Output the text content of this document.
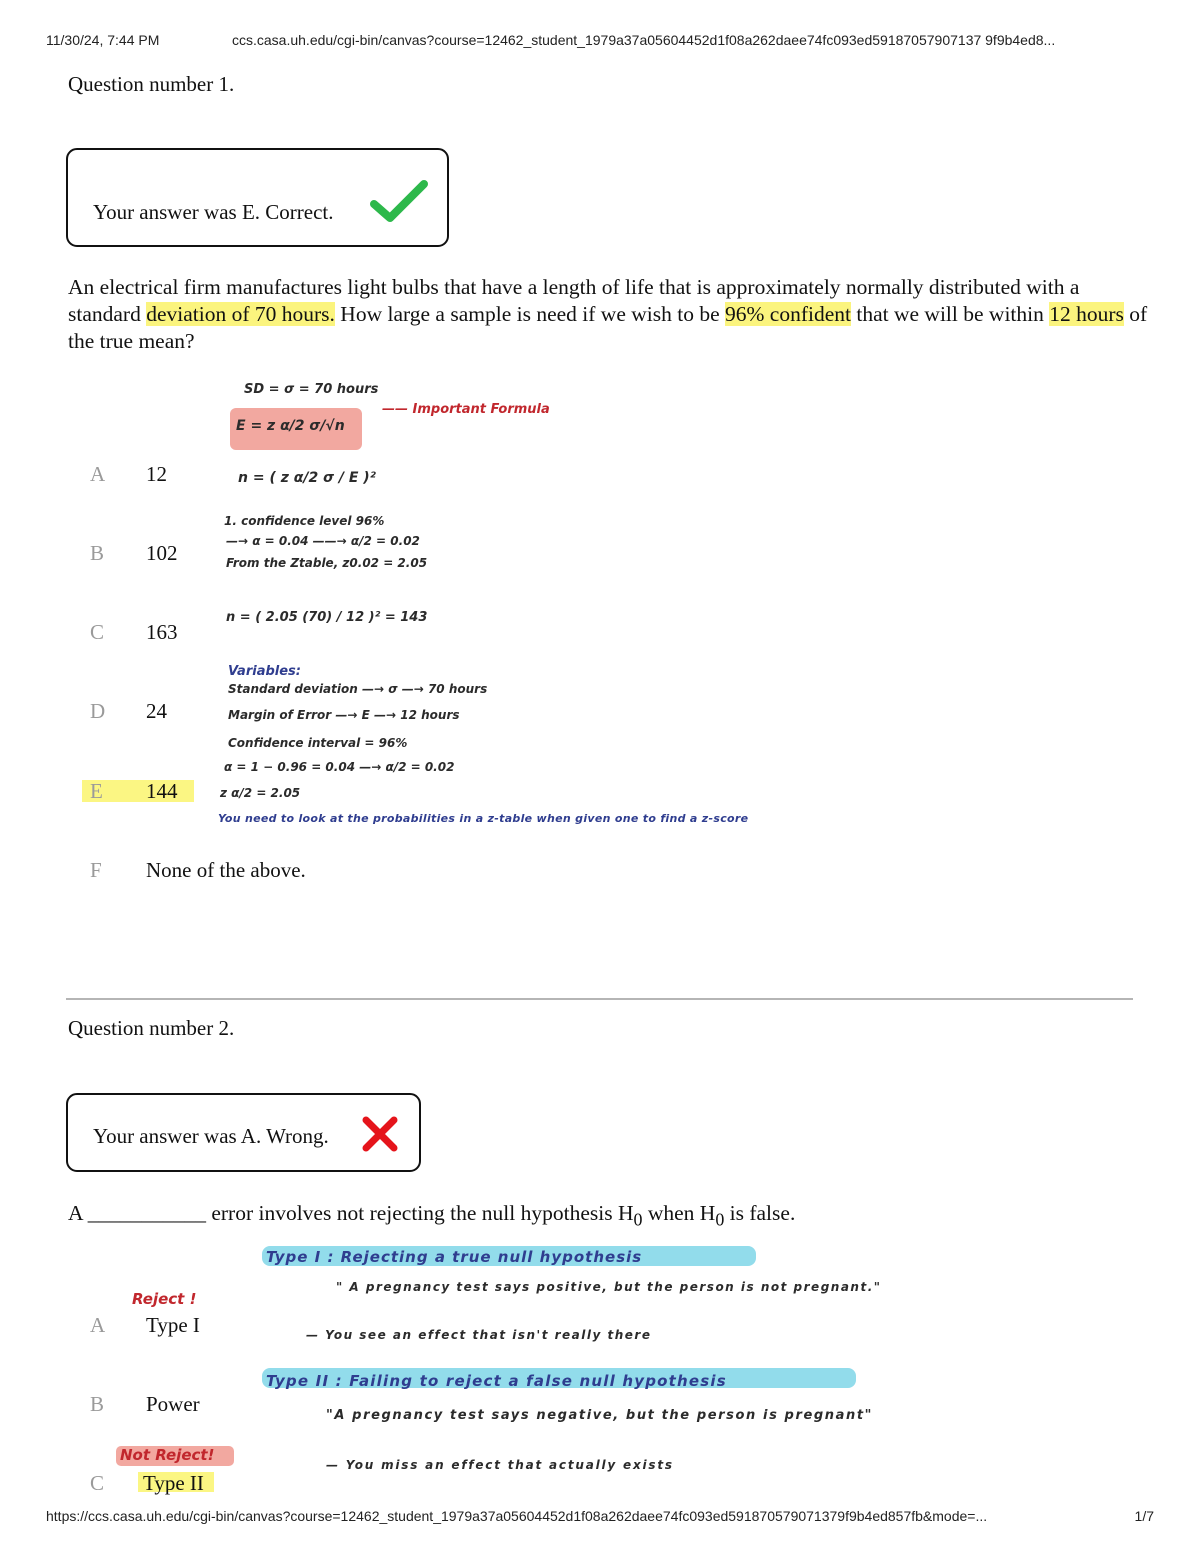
11/30/24, 7:44 PM	ccs.casa.uh.edu/cgi-bin/canvas?course=12462_student_1979a37a05604452d1f08a262daee74fc093ed59187057907137 9f9b4ed8...
Question number 1.
Your answer was E. Correct.
An electrical firm manufactures light bulbs that have a length of life that is approximately normally distributed with a standard deviation of 70 hours. How large a sample is need if we wish to be 96% confident that we will be within 12 hours of the true mean?
A 12
B 102
C 163
D 24
E 144
F None of the above.
SD = σ = 70 hours
E = z α/2 σ/√n
—— Important Formula
n = ( z α/2 σ / E )²
1. confidence level 96%
—→ α = 0.04 ——→ α/2 = 0.02
From the Ztable, z0.02 = 2.05
n = ( 2.05 (70) / 12 )² = 143
Variables:
Standard deviation —→ σ —→ 70 hours
Margin of Error —→ E —→ 12 hours
Confidence interval = 96%
α = 1 − 0.96 = 0.04 —→ α/2 = 0.02
z α/2 = 2.05
You need to look at the probabilities in a z-table when given one to find a z-score
Question number 2.
Your answer was A. Wrong.
A ___________ error involves not rejecting the null hypothesis $H_0$ when $H_0$ is false.
Type I : Rejecting a true null hypothesis
" A pregnancy test says positive, but the person is not pregnant."
— You see an effect that isn't really there
Reject !
Type II : Failing to reject a false null hypothesis
"A pregnancy test says negative, but the person is pregnant"
— You miss an effect that actually exists
Not Reject!
A Type I
B Power
C Type II
https://ccs.casa.uh.edu/cgi-bin/canvas?course=12462_student_1979a37a05604452d1f08a262daee74fc093ed591870579071379f9b4ed857fb&mode=...	1/7
